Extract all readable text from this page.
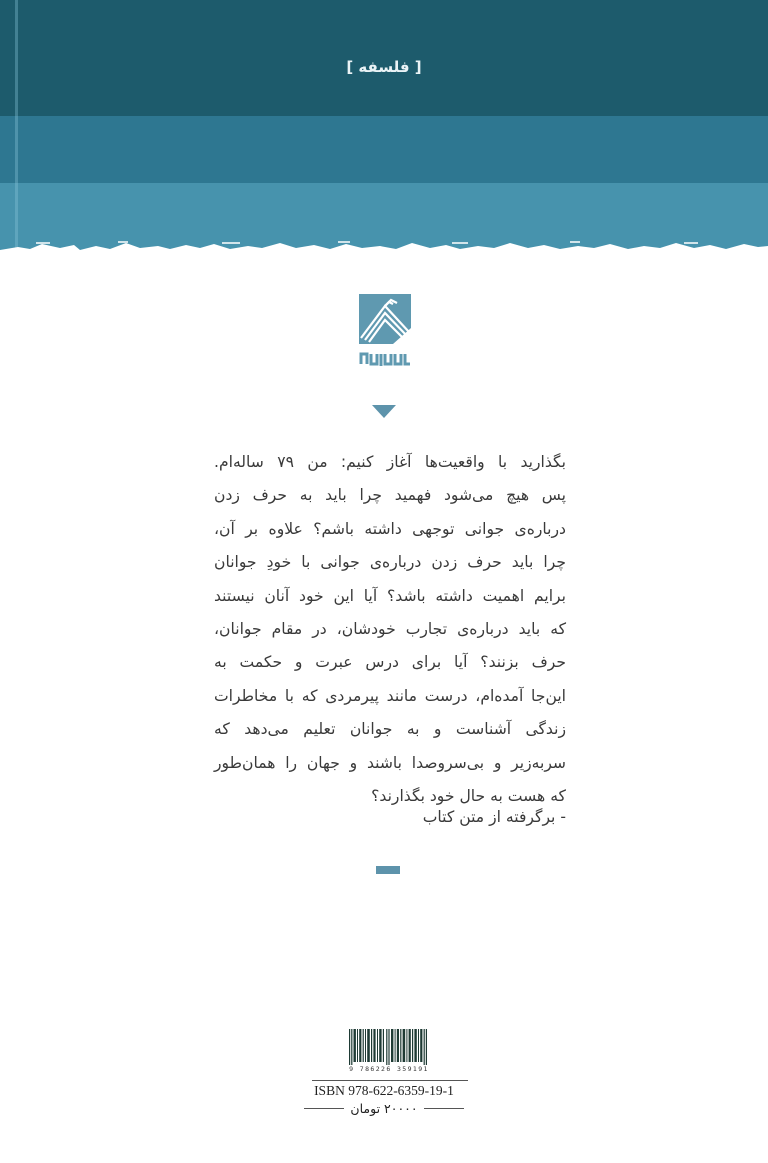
[ فلسفه ]
بگذارید با واقعیت‌ها آغاز کنیم: من ۷۹ ساله‌ام.
پس هیچ می‌شود فهمید چرا باید به حرف زدن
درباره‌ی جوانی توجهی داشته باشم؟ علاوه بر آن،
چرا باید حرف زدن درباره‌ی جوانی با خودِ جوانان
برایم اهمیت داشته باشد؟ آیا این خود آنان نیستند
که باید درباره‌ی تجارب خودشان، در مقام جوانان،
حرف بزنند؟ آیا برای درس عبرت و حکمت به
این‌جا آمده‌ام، درست مانند پیرمردی که با مخاطرات
زندگی آشناست و به جوانان تعلیم می‌دهد که
سربه‌زیر و بی‌سروصدا باشند و جهان را همان‌طور
که هست به حال خود بگذارند؟
- برگرفته از متن کتاب
9 786226 359191
ISBN 978-622-6359-19-1
۲۰۰۰۰ تومان
